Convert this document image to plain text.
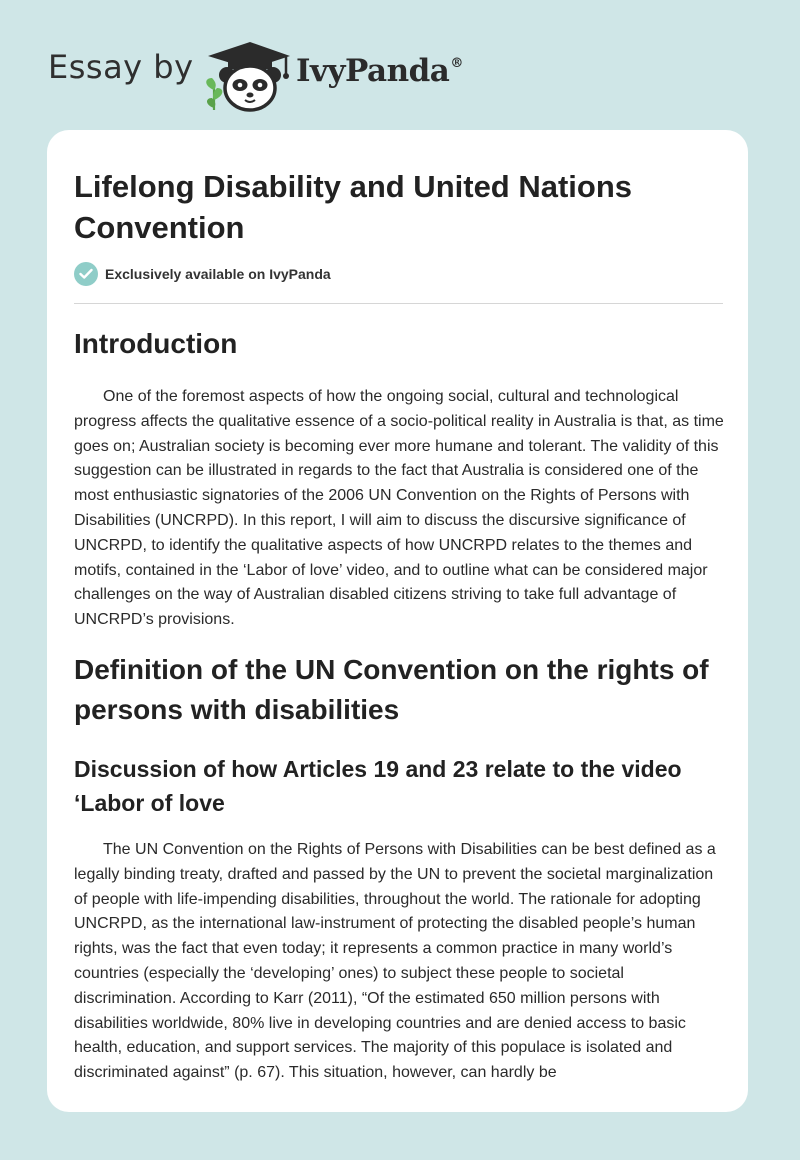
Essay by	IvyPanda®
Lifelong Disability and United Nations Convention
Exclusively available on IvyPanda
Introduction

One of the foremost aspects of how the ongoing social, cultural and technological progress affects the qualitative essence of a socio-political reality in Australia is that, as time goes on; Australian society is becoming ever more humane and tolerant. The validity of this suggestion can be illustrated in regards to the fact that Australia is considered one of the most enthusiastic signatories of the 2006 UN Convention on the Rights of Persons with Disabilities (UNCRPD). In this report, I will aim to discuss the discursive significance of UNCRPD, to identify the qualitative aspects of how UNCRPD relates to the themes and motifs, contained in the ‘Labor of love’ video, and to outline what can be considered major challenges on the way of Australian disabled citizens striving to take full advantage of UNCRPD’s provisions.

Definition of the UN Convention on the rights of persons with disabilities
Discussion of how Articles 19 and 23 relate to the video ‘Labor of love

The UN Convention on the Rights of Persons with Disabilities can be best defined as a legally binding treaty, drafted and passed by the UN to prevent the societal marginalization of people with life-impending disabilities, throughout the world. The rationale for adopting UNCRPD, as the international law-instrument of protecting the disabled people’s human rights, was the fact that even today; it represents a common practice in many world’s countries (especially the ‘developing’ ones) to subject these people to societal discrimination. According to Karr (2011), “Of the estimated 650 million persons with disabilities worldwide, 80% live in developing countries and are denied access to basic health, education, and support services. The majority of this populace is isolated and discriminated against” (p. 67). This situation, however, can hardly be
